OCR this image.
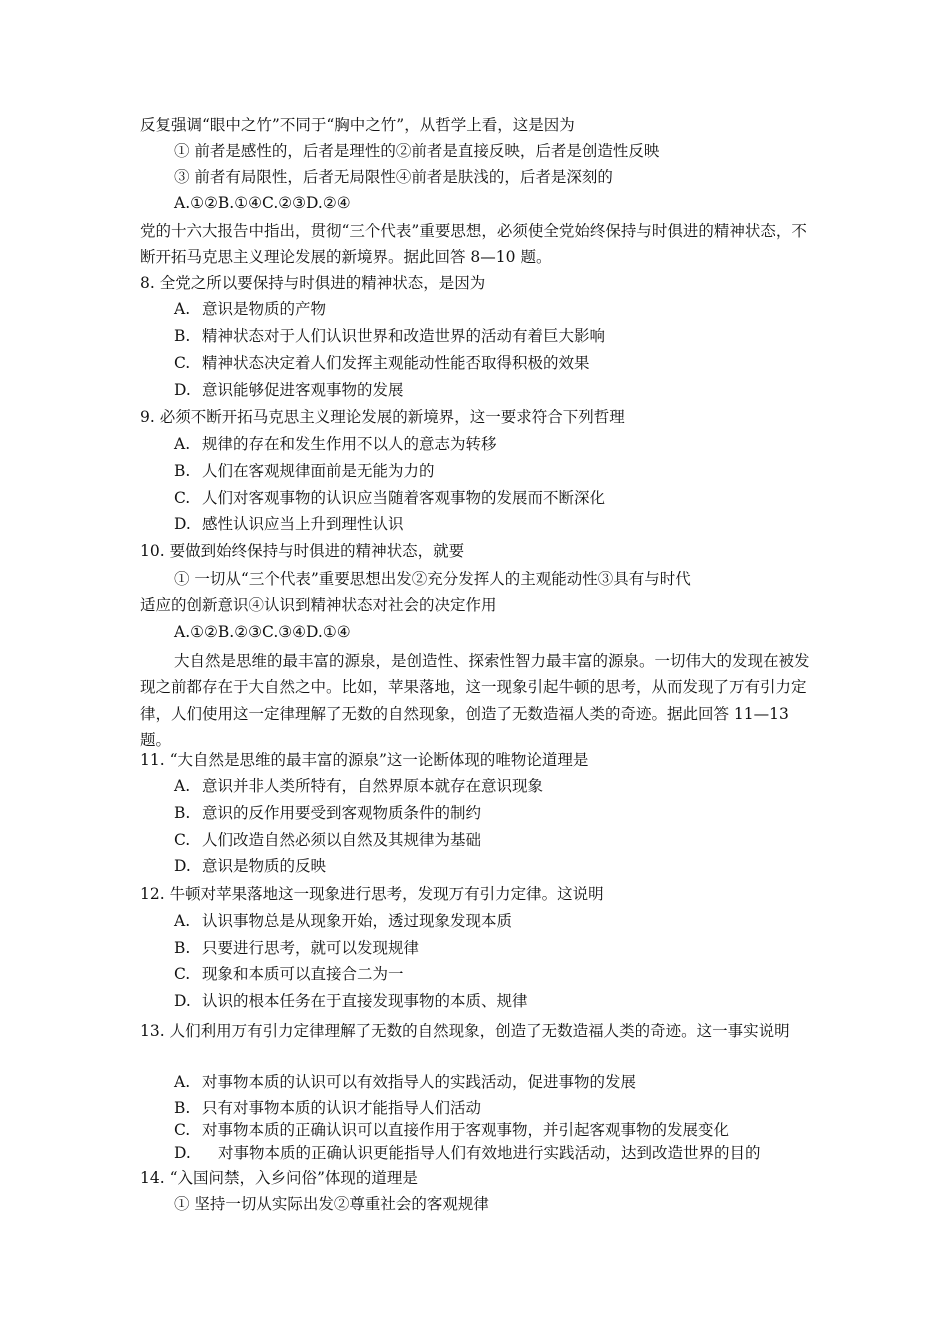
反复强调“眼中之竹”不同于“胸中之竹”，从哲学上看，这是因为
① 前者是感性的，后者是理性的②前者是直接反映，后者是创造性反映
③ 前者有局限性，后者无局限性④前者是肤浅的，后者是深刻的
A.①②B.①④C.②③D.②④
党的十六大报告中指出，贯彻“三个代表”重要思想，必须使全党始终保持与时俱进的精神状态，不断开拓马克思主义理论发展的新境界。据此回答 8—10 题。
8. 全党之所以要保持与时俱进的精神状态，是因为
A. 意识是物质的产物
B. 精神状态对于人们认识世界和改造世界的活动有着巨大影响
C. 精神状态决定着人们发挥主观能动性能否取得积极的效果
D. 意识能够促进客观事物的发展
9. 必须不断开拓马克思主义理论发展的新境界，这一要求符合下列哲理
A. 规律的存在和发生作用不以人的意志为转移
B. 人们在客观规律面前是无能为力的
C. 人们对客观事物的认识应当随着客观事物的发展而不断深化
D. 感性认识应当上升到理性认识
10. 要做到始终保持与时俱进的精神状态，就要
① 一切从“三个代表”重要思想出发②充分发挥人的主观能动性③具有与时代
适应的创新意识④认识到精神状态对社会的决定作用
A.①②B.②③C.③④D.①④
大自然是思维的最丰富的源泉，是创造性、探索性智力最丰富的源泉。一切伟大的发现在被发现之前都存在于大自然之中。比如，苹果落地，这一现象引起牛顿的思考，从而发现了万有引力定律，人们使用这一定律理解了无数的自然现象，创造了无数造福人类的奇迹。据此回答 11—13 题。
11. “大自然是思维的最丰富的源泉”这一论断体现的唯物论道理是
A. 意识并非人类所特有，自然界原本就存在意识现象
B. 意识的反作用要受到客观物质条件的制约
C. 人们改造自然必须以自然及其规律为基础
D. 意识是物质的反映
12. 牛顿对苹果落地这一现象进行思考，发现万有引力定律。这说明
A. 认识事物总是从现象开始，透过现象发现本质
B. 只要进行思考，就可以发现规律
C. 现象和本质可以直接合二为一
D. 认识的根本任务在于直接发现事物的本质、规律
13. 人们利用万有引力定律理解了无数的自然现象，创造了无数造福人类的奇迹。这一事实说明
A. 对事物本质的认识可以有效指导人的实践活动，促进事物的发展
B. 只有对事物本质的认识才能指导人们活动
C. 对事物本质的正确认识可以直接作用于客观事物，并引起客观事物的发展变化
D. 对事物本质的正确认识更能指导人们有效地进行实践活动，达到改造世界的目的
14. “入国问禁，入乡问俗”体现的道理是
① 坚持一切从实际出发②尊重社会的客观规律
